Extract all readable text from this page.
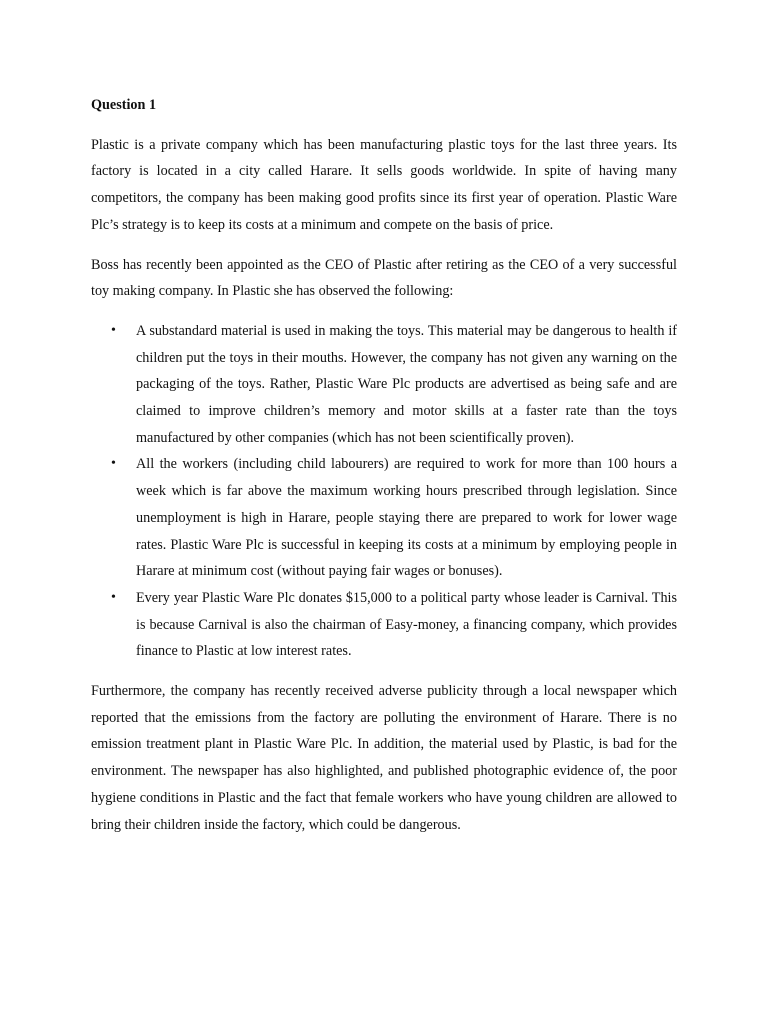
Question 1

Plastic is a private company which has been manufacturing plastic toys for the last three years. Its factory is located in a city called Harare. It sells goods worldwide. In spite of having many competitors, the company has been making good profits since its first year of operation. Plastic Ware Plc’s strategy is to keep its costs at a minimum and compete on the basis of price.

Boss has recently been appointed as the CEO of Plastic after retiring as the CEO of a very successful toy making company. In Plastic she has observed the following:

• A substandard material is used in making the toys. This material may be dangerous to health if children put the toys in their mouths. However, the company has not given any warning on the packaging of the toys. Rather, Plastic Ware Plc products are advertised as being safe and are claimed to improve children’s memory and motor skills at a faster rate than the toys manufactured by other companies (which has not been scientifically proven).
• All the workers (including child labourers) are required to work for more than 100 hours a week which is far above the maximum working hours prescribed through legislation. Since unemployment is high in Harare, people staying there are prepared to work for lower wage rates. Plastic Ware Plc is successful in keeping its costs at a minimum by employing people in Harare at minimum cost (without paying fair wages or bonuses).
• Every year Plastic Ware Plc donates $15,000 to a political party whose leader is Carnival. This is because Carnival is also the chairman of Easy-money, a financing company, which provides finance to Plastic at low interest rates.

Furthermore, the company has recently received adverse publicity through a local newspaper which reported that the emissions from the factory are polluting the environment of Harare. There is no emission treatment plant in Plastic Ware Plc. In addition, the material used by Plastic, is bad for the environment. The newspaper has also highlighted, and published photographic evidence of, the poor hygiene conditions in Plastic and the fact that female workers who have young children are allowed to bring their children inside the factory, which could be dangerous.
